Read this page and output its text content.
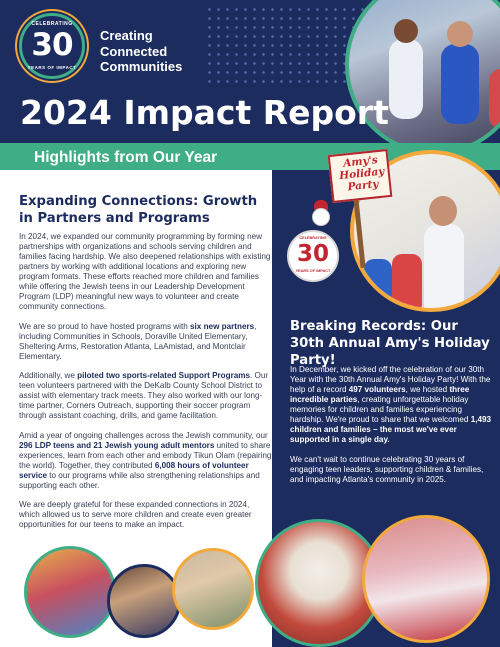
CELEBRATING
30
YEARS OF IMPACT
Creating
Connected
Communities
2024 Impact Report
Highlights from Our Year
Expanding Connections: Growth in Partners and Programs

In 2024, we expanded our community programming by forming new partnerships with organizations and schools serving children and families facing hardship. We also deepened relationships with existing partners by working with additional locations and exploring new program formats. These efforts reached more children and families while offering the Jewish teens in our Leadership Development Program (LDP) meaningful new ways to volunteer and create community connections.

We are so proud to have hosted programs with six new partners, including Communities in Schools, Doraville United Elementary, Sheltering Arms, Restoration Atlanta, LaAmistad, and Montclair Elementary.

Additionally, we piloted two sports-related Support Programs. Our teen volunteers partnered with the DeKalb County School District to assist with elementary track meets. They also worked with our long-time partner, Corners Outreach, supporting their soccer program through assistant coaching, drills, and game facilitation.

Amid a year of ongoing challenges across the Jewish community, our 296 LDP teens and 21 Jewish young adult mentors united to share experiences, learn from each other and embody Tikun Olam (repairing the world). Together, they contributed 6,008 hours of volunteer service to our programs while also strengthening relationships and supporting each other.

We are deeply grateful for these expanded connections in 2024, which allowed us to serve more children and create even greater opportunities for our teens to make an impact.

Amy's
Holiday
Party
CELEBRATING
30
YEARS OF IMPACT
Breaking Records: Our 30th Annual Amy's Holiday Party!

In December, we kicked off the celebration of our 30th Year with the 30th Annual Amy's Holiday Party! With the help of a record 497 volunteers, we hosted three incredible parties, creating unforgettable holiday memories for children and families experiencing hardship. We're proud to share that we welcomed 1,493 children and families – the most we've ever supported in a single day.

We can't wait to continue celebrating 30 years of engaging teen leaders, supporting children & families, and impacting Atlanta's community in 2025.
